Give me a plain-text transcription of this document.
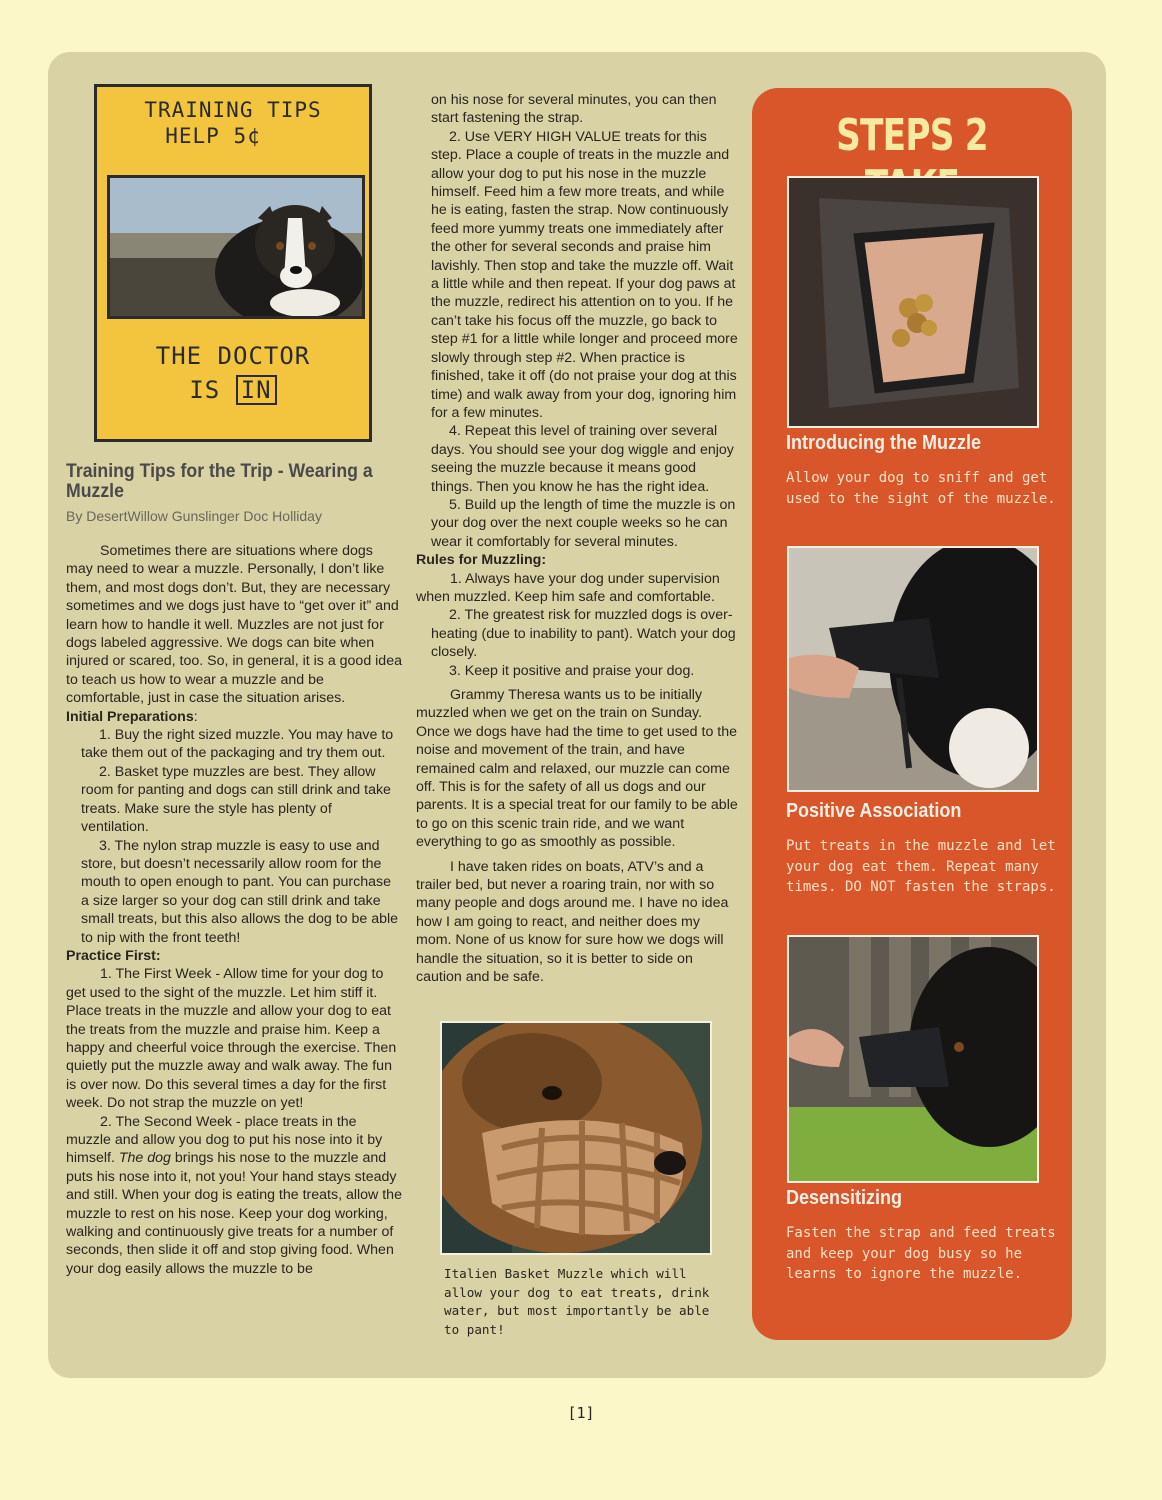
TRAINING TIPS
HELP 5¢
THE DOCTOR
IS IN
Training Tips for the Trip - Wearing a Muzzle
By DesertWillow Gunslinger Doc Holliday

Sometimes there are situations where dogs may need to wear a muzzle. Personally, I don’t like them, and most dogs don’t. But, they are necessary sometimes and we dogs just have to “get over it” and learn how to handle it well. Muzzles are not just for dogs labeled aggressive. We dogs can bite when injured or scared, too. So, in general, it is a good idea to teach us how to wear a muzzle and be comfortable, just in case the situation arises.

Initial Preparations:

1. Buy the right sized muzzle. You may have to take them out of the packaging and try them out.

2. Basket type muzzles are best. They allow room for panting and dogs can still drink and take treats. Make sure the style has plenty of ventilation.

3. The nylon strap muzzle is easy to use and store, but doesn’t necessarily allow room for the mouth to open enough to pant. You can purchase a size larger so your dog can still drink and take small treats, but this also allows the dog to be able to nip with the front teeth!

Practice First:

1. The First Week - Allow time for your dog to get used to the sight of the muzzle. Let him stiff it. Place treats in the muzzle and allow your dog to eat the treats from the muzzle and praise him. Keep a happy and cheerful voice through the exercise. Then quietly put the muzzle away and walk away. The fun is over now. Do this several times a day for the first week. Do not strap the muzzle on yet!

2. The Second Week - place treats in the muzzle and allow you dog to put his nose into it by himself. The dog brings his nose to the muzzle and puts his nose into it, not you! Your hand stays steady and still. When your dog is eating the treats, allow the muzzle to rest on his nose. Keep your dog working, walking and continuously give treats for a number of seconds, then slide it off and stop giving food. When your dog easily allows the muzzle to be

on his nose for several minutes, you can then start fastening the strap.

2. Use VERY HIGH VALUE treats for this step. Place a couple of treats in the muzzle and allow your dog to put his nose in the muzzle himself. Feed him a few more treats, and while he is eating, fasten the strap. Now continuously feed more yummy treats one immediately after the other for several seconds and praise him lavishly. Then stop and take the muzzle off. Wait a little while and then repeat. If your dog paws at the muzzle, redirect his attention on to you. If he can’t take his focus off the muzzle, go back to step #1 for a little while longer and proceed more slowly through step #2. When practice is finished, take it off (do not praise your dog at this time) and walk away from your dog, ignoring him for a few minutes.

4. Repeat this level of training over several days. You should see your dog wiggle and enjoy seeing the muzzle because it means good things. Then you know he has the right idea.

5. Build up the length of time the muzzle is on your dog over the next couple weeks so he can wear it comfortably for several minutes.

Rules for Muzzling:

1. Always have your dog under supervision when muzzled. Keep him safe and comfortable.

2. The greatest risk for muzzled dogs is over-heating (due to inability to pant). Watch your dog closely.

3. Keep it positive and praise your dog.

Grammy Theresa wants us to be initially muzzled when we get on the train on Sunday. Once we dogs have had the time to get used to the noise and movement of the train, and have remained calm and relaxed, our muzzle can come off. This is for the safety of all us dogs and our parents. It is a special treat for our family to be able to go on this scenic train ride, and we want everything to go as smoothly as possible.

I have taken rides on boats, ATV’s and a trailer bed, but never a roaring train, nor with so many people and dogs around me. I have no idea how I am going to react, and neither does my mom. None of us know for sure how we dogs will handle the situation, so it is better to side on caution and be safe.

Italien Basket Muzzle which will allow your dog to eat treats, drink water, but most importantly be able to pant!
STEPS 2
Introducing the Muzzle
Allow your dog to sniff and get used to the sight of the muzzle.
Positive Association
Put treats in the muzzle and let your dog eat them. Repeat many times. DO NOT fasten the straps.
Desensitizing
Fasten the strap and feed treats and keep your dog busy so he learns to ignore the muzzle.
[1]
